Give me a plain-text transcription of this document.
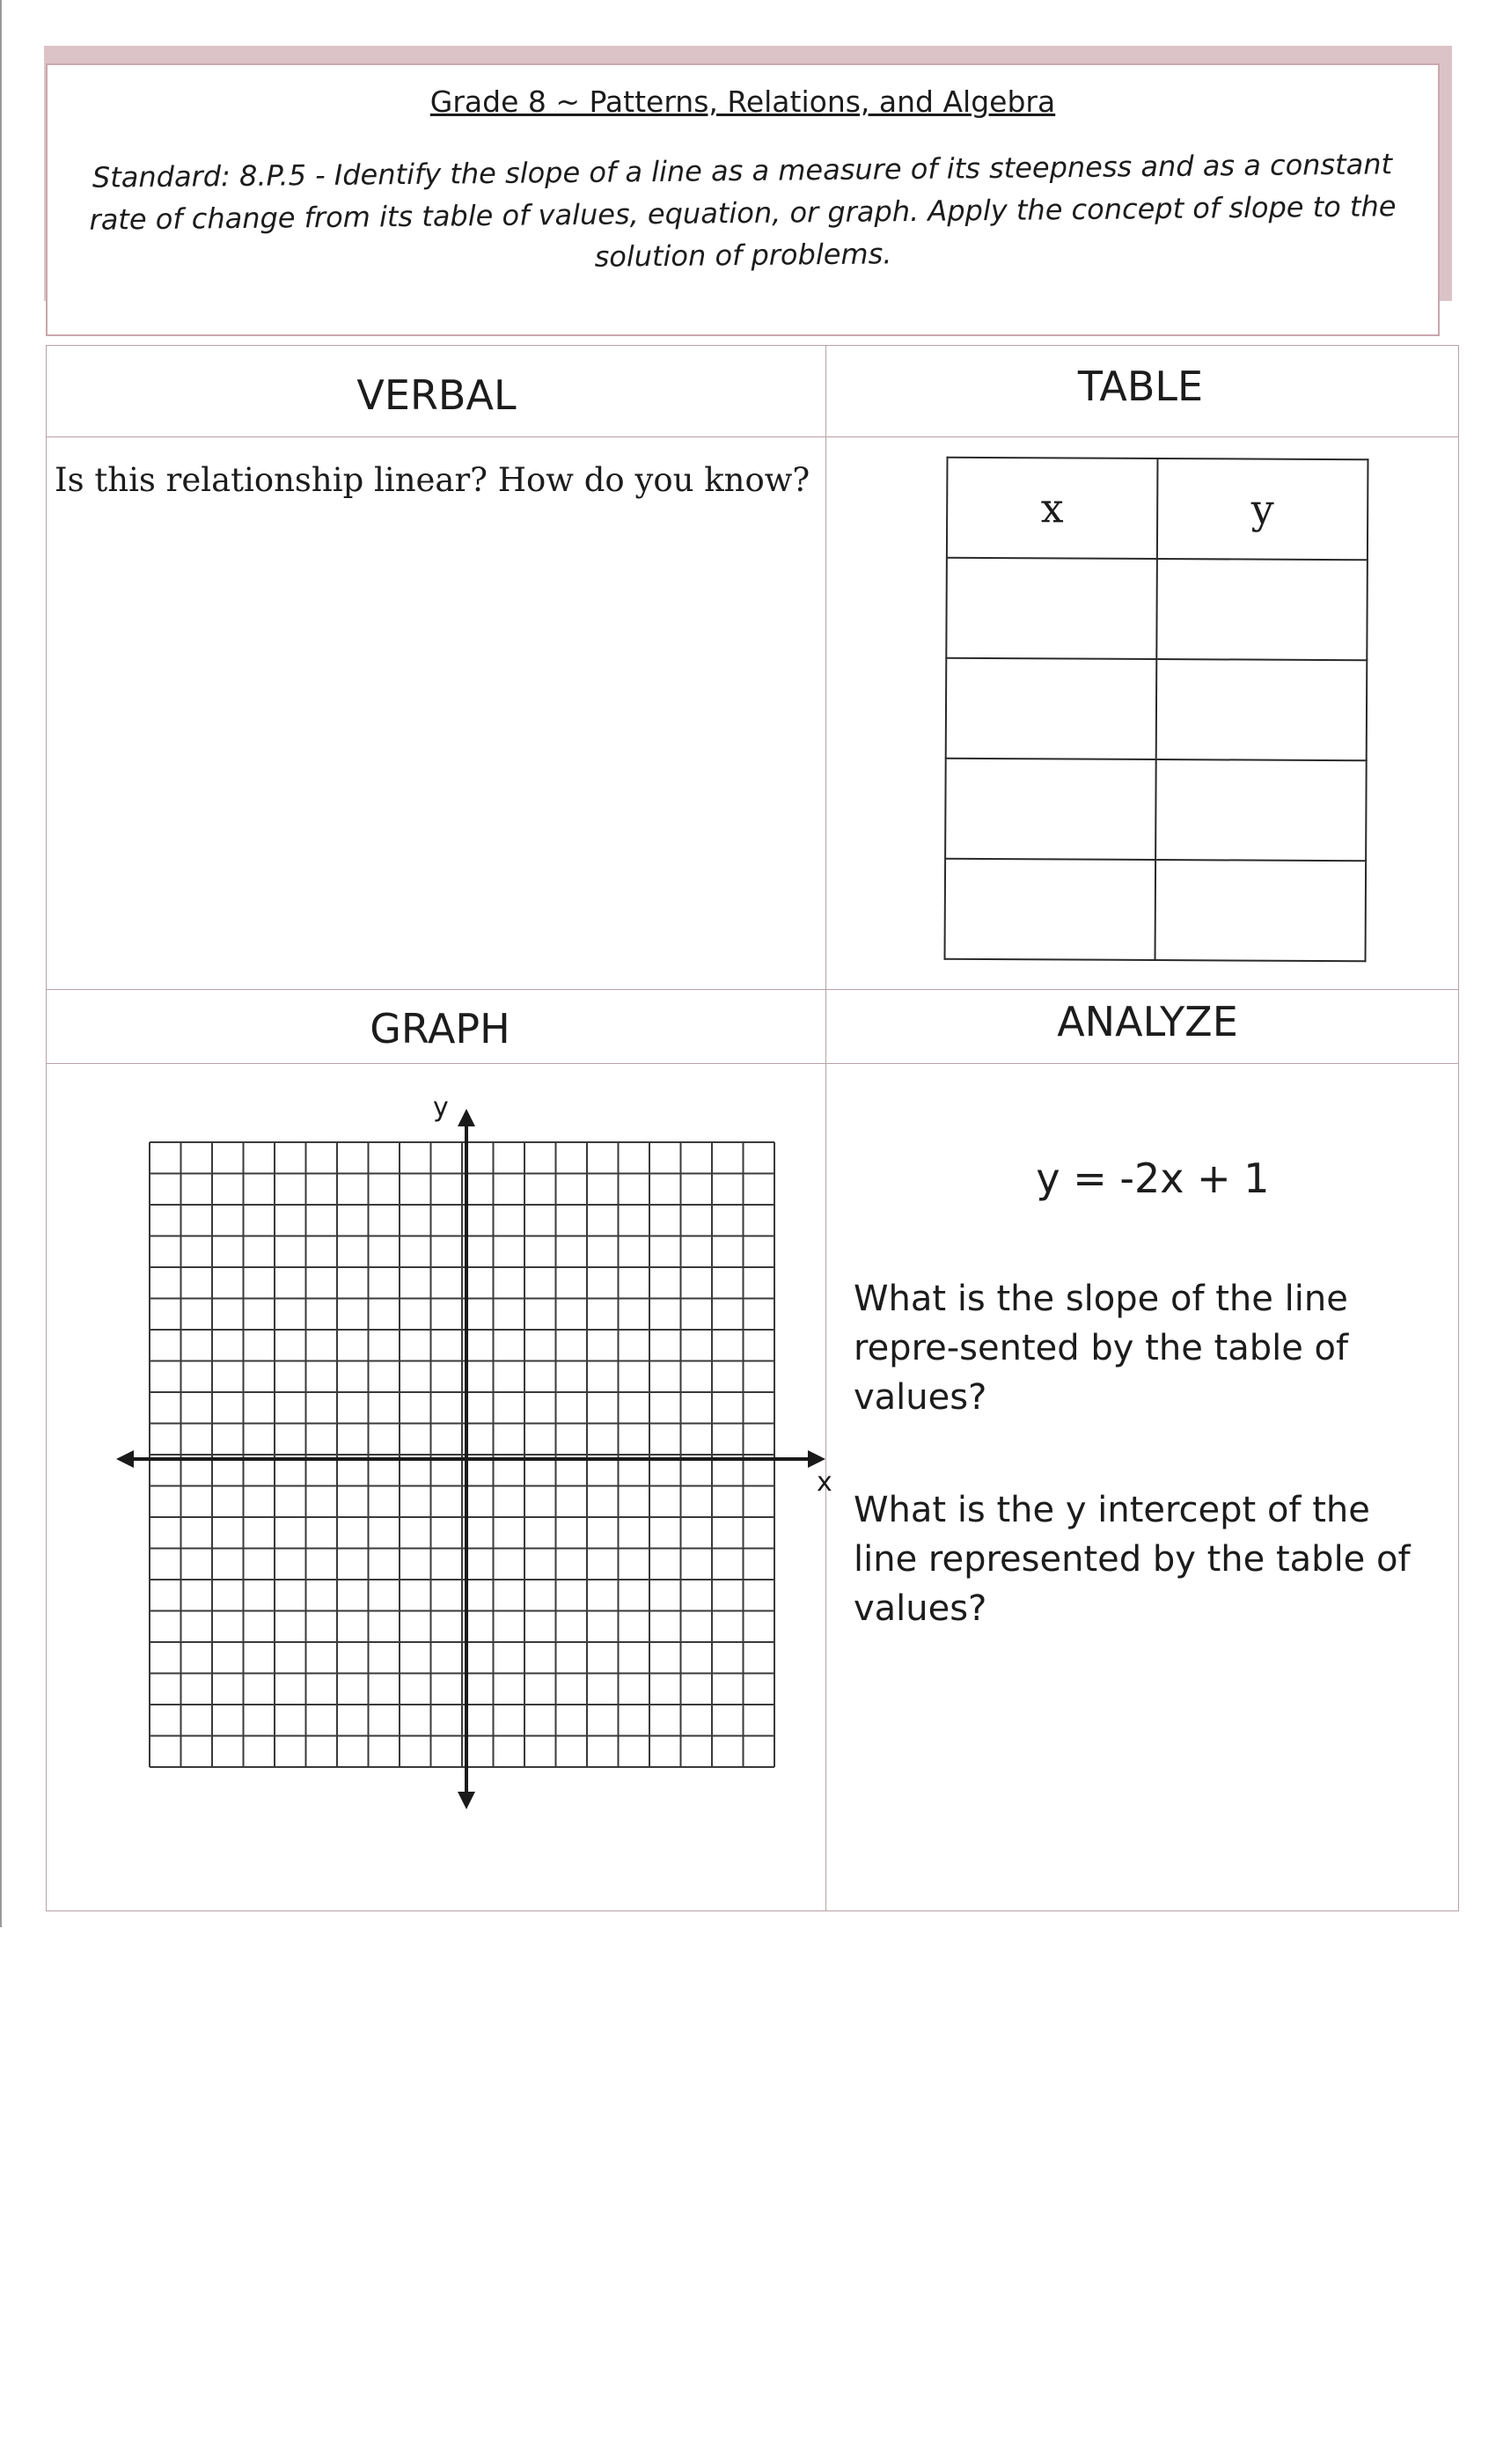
Grade 8 ~ Patterns, Relations, and Algebra
Standard: 8.P.5 - Identify the slope of a line as a measure of its steepness and as a constant rate of change from its table of values, equation, or graph. Apply the concept of slope to the solution of problems.
VERBAL	TABLE
GRAPH	ANALYZE
Is this relationship linear? How do you know?
x	y

x
y
y = -2x + 1
What is the slope of the line repre-sented by the table of values?
What is the y intercept of the line represented by the table of values?
